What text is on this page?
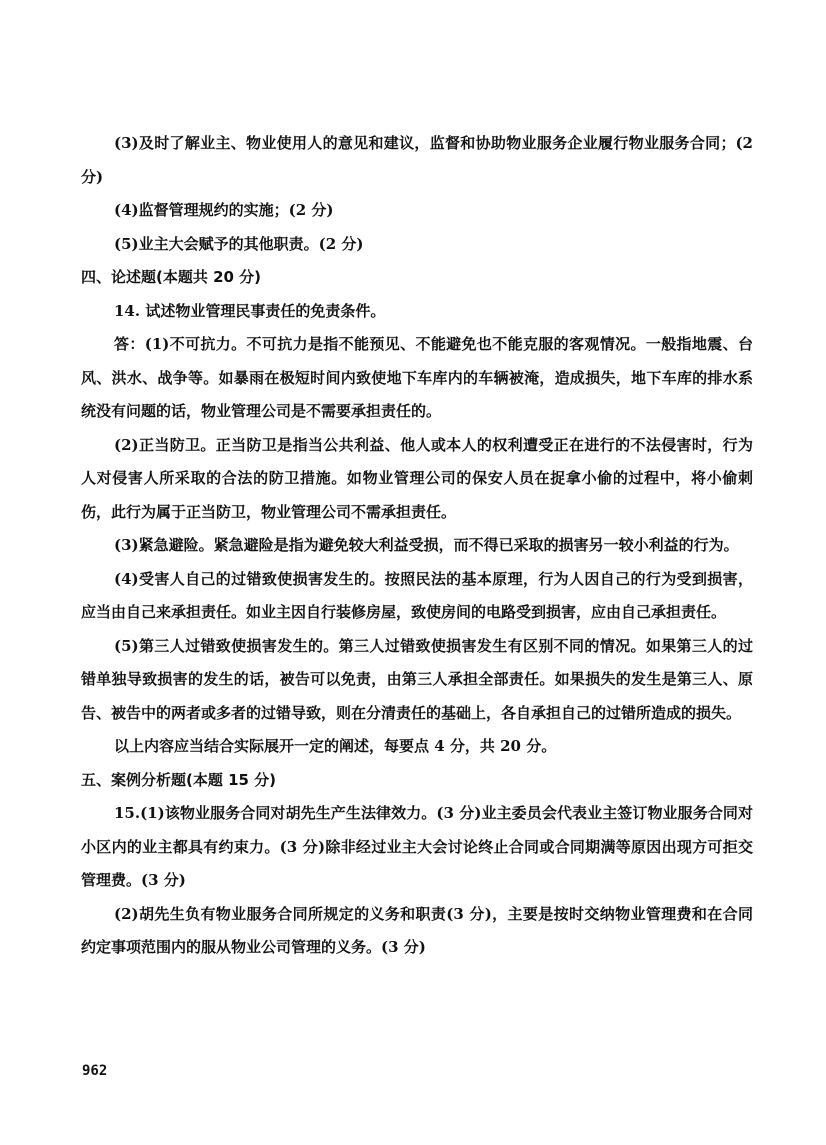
(3)及时了解业主、物业使用人的意见和建议，监督和协助物业服务企业履行物业服务合同；(2 分)

(4)监督管理规约的实施；(2 分)

(5)业主大会赋予的其他职责。(2 分)

四、论述题(本题共 20 分)

14. 试述物业管理民事责任的免责条件。

答：(1)不可抗力。不可抗力是指不能预见、不能避免也不能克服的客观情况。一般指地震、台风、洪水、战争等。如暴雨在极短时间内致使地下车库内的车辆被淹，造成损失，地下车库的排水系统没有问题的话，物业管理公司是不需要承担责任的。

(2)正当防卫。正当防卫是指当公共利益、他人或本人的权利遭受正在进行的不法侵害时，行为人对侵害人所采取的合法的防卫措施。如物业管理公司的保安人员在捉拿小偷的过程中，将小偷刺伤，此行为属于正当防卫，物业管理公司不需承担责任。

(3)紧急避险。紧急避险是指为避免较大利益受损，而不得已采取的损害另一较小利益的行为。

(4)受害人自己的过错致使损害发生的。按照民法的基本原理，行为人因自己的行为受到损害，应当由自己来承担责任。如业主因自行装修房屋，致使房间的电路受到损害，应由自己承担责任。

(5)第三人过错致使损害发生的。第三人过错致使损害发生有区别不同的情况。如果第三人的过错单独导致损害的发生的话，被告可以免责，由第三人承担全部责任。如果损失的发生是第三人、原告、被告中的两者或多者的过错导致，则在分清责任的基础上，各自承担自己的过错所造成的损失。

以上内容应当结合实际展开一定的阐述，每要点 4 分，共 20 分。

五、案例分析题(本题 15 分)

15.(1)该物业服务合同对胡先生产生法律效力。(3 分)业主委员会代表业主签订物业服务合同对小区内的业主都具有约束力。(3 分)除非经过业主大会讨论终止合同或合同期满等原因出现方可拒交管理费。(3 分)

(2)胡先生负有物业服务合同所规定的义务和职责(3 分)，主要是按时交纳物业管理费和在合同约定事项范围内的服从物业公司管理的义务。(3 分)

962
